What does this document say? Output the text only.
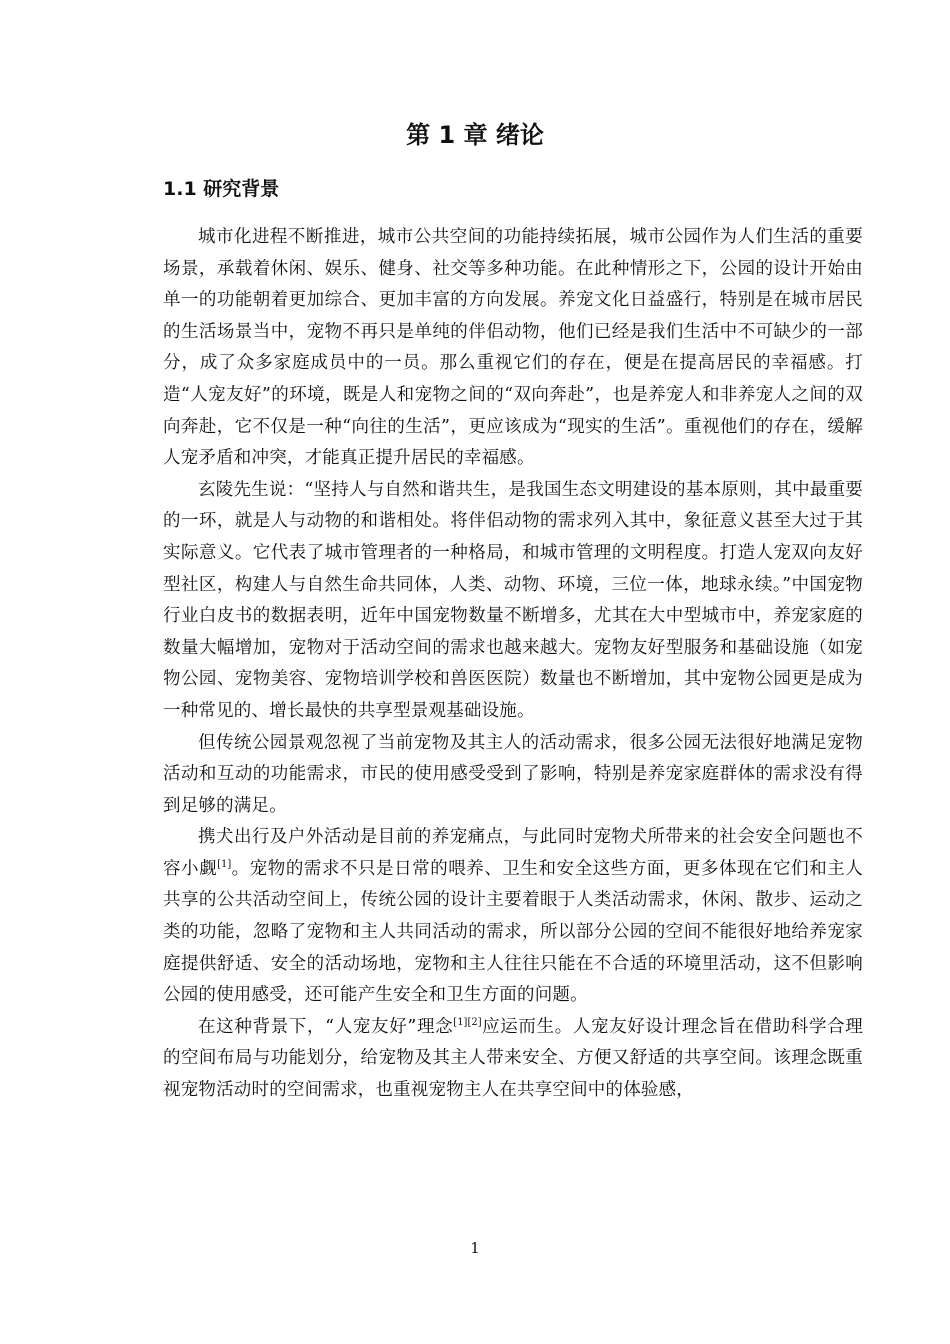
第 1 章 绪论
1.1 研究背景

城市化进程不断推进，城市公共空间的功能持续拓展，城市公园作为人们生活的重要场景，承载着休闲、娱乐、健身、社交等多种功能。在此种情形之下，公园的设计开始由单一的功能朝着更加综合、更加丰富的方向发展。养宠文化日益盛行，特别是在城市居民的生活场景当中，宠物不再只是单纯的伴侣动物，他们已经是我们生活中不可缺少的一部分，成了众多家庭成员中的一员。那么重视它们的存在，便是在提高居民的幸福感。打造“人宠友好”的环境，既是人和宠物之间的“双向奔赴”，也是养宠人和非养宠人之间的双向奔赴，它不仅是一种“向往的生活”，更应该成为“现实的生活”。重视他们的存在，缓解人宠矛盾和冲突，才能真正提升居民的幸福感。

玄陵先生说：“坚持人与自然和谐共生，是我国生态文明建设的基本原则，其中最重要的一环，就是人与动物的和谐相处。将伴侣动物的需求列入其中，象征意义甚至大过于其实际意义。它代表了城市管理者的一种格局，和城市管理的文明程度。打造人宠双向友好型社区，构建人与自然生命共同体，人类、动物、环境，三位一体，地球永续。”中国宠物行业白皮书的数据表明，近年中国宠物数量不断增多，尤其在大中型城市中，养宠家庭的数量大幅增加，宠物对于活动空间的需求也越来越大。宠物友好型服务和基础设施（如宠物公园、宠物美容、宠物培训学校和兽医医院）数量也不断增加，其中宠物公园更是成为一种常见的、增长最快的共享型景观基础设施。

但传统公园景观忽视了当前宠物及其主人的活动需求，很多公园无法很好地满足宠物活动和互动的功能需求，市民的使用感受受到了影响，特别是养宠家庭群体的需求没有得到足够的满足。

携犬出行及户外活动是目前的养宠痛点，与此同时宠物犬所带来的社会安全问题也不容小觑[1]。宠物的需求不只是日常的喂养、卫生和安全这些方面，更多体现在它们和主人共享的公共活动空间上，传统公园的设计主要着眼于人类活动需求，休闲、散步、运动之类的功能，忽略了宠物和主人共同活动的需求，所以部分公园的空间不能很好地给养宠家庭提供舒适、安全的活动场地，宠物和主人往往只能在不合适的环境里活动，这不但影响公园的使用感受，还可能产生安全和卫生方面的问题。

在这种背景下，“人宠友好”理念[1][2]应运而生。人宠友好设计理念旨在借助科学合理的空间布局与功能划分，给宠物及其主人带来安全、方便又舒适的共享空间。该理念既重视宠物活动时的空间需求，也重视宠物主人在共享空间中的体验感，

1
